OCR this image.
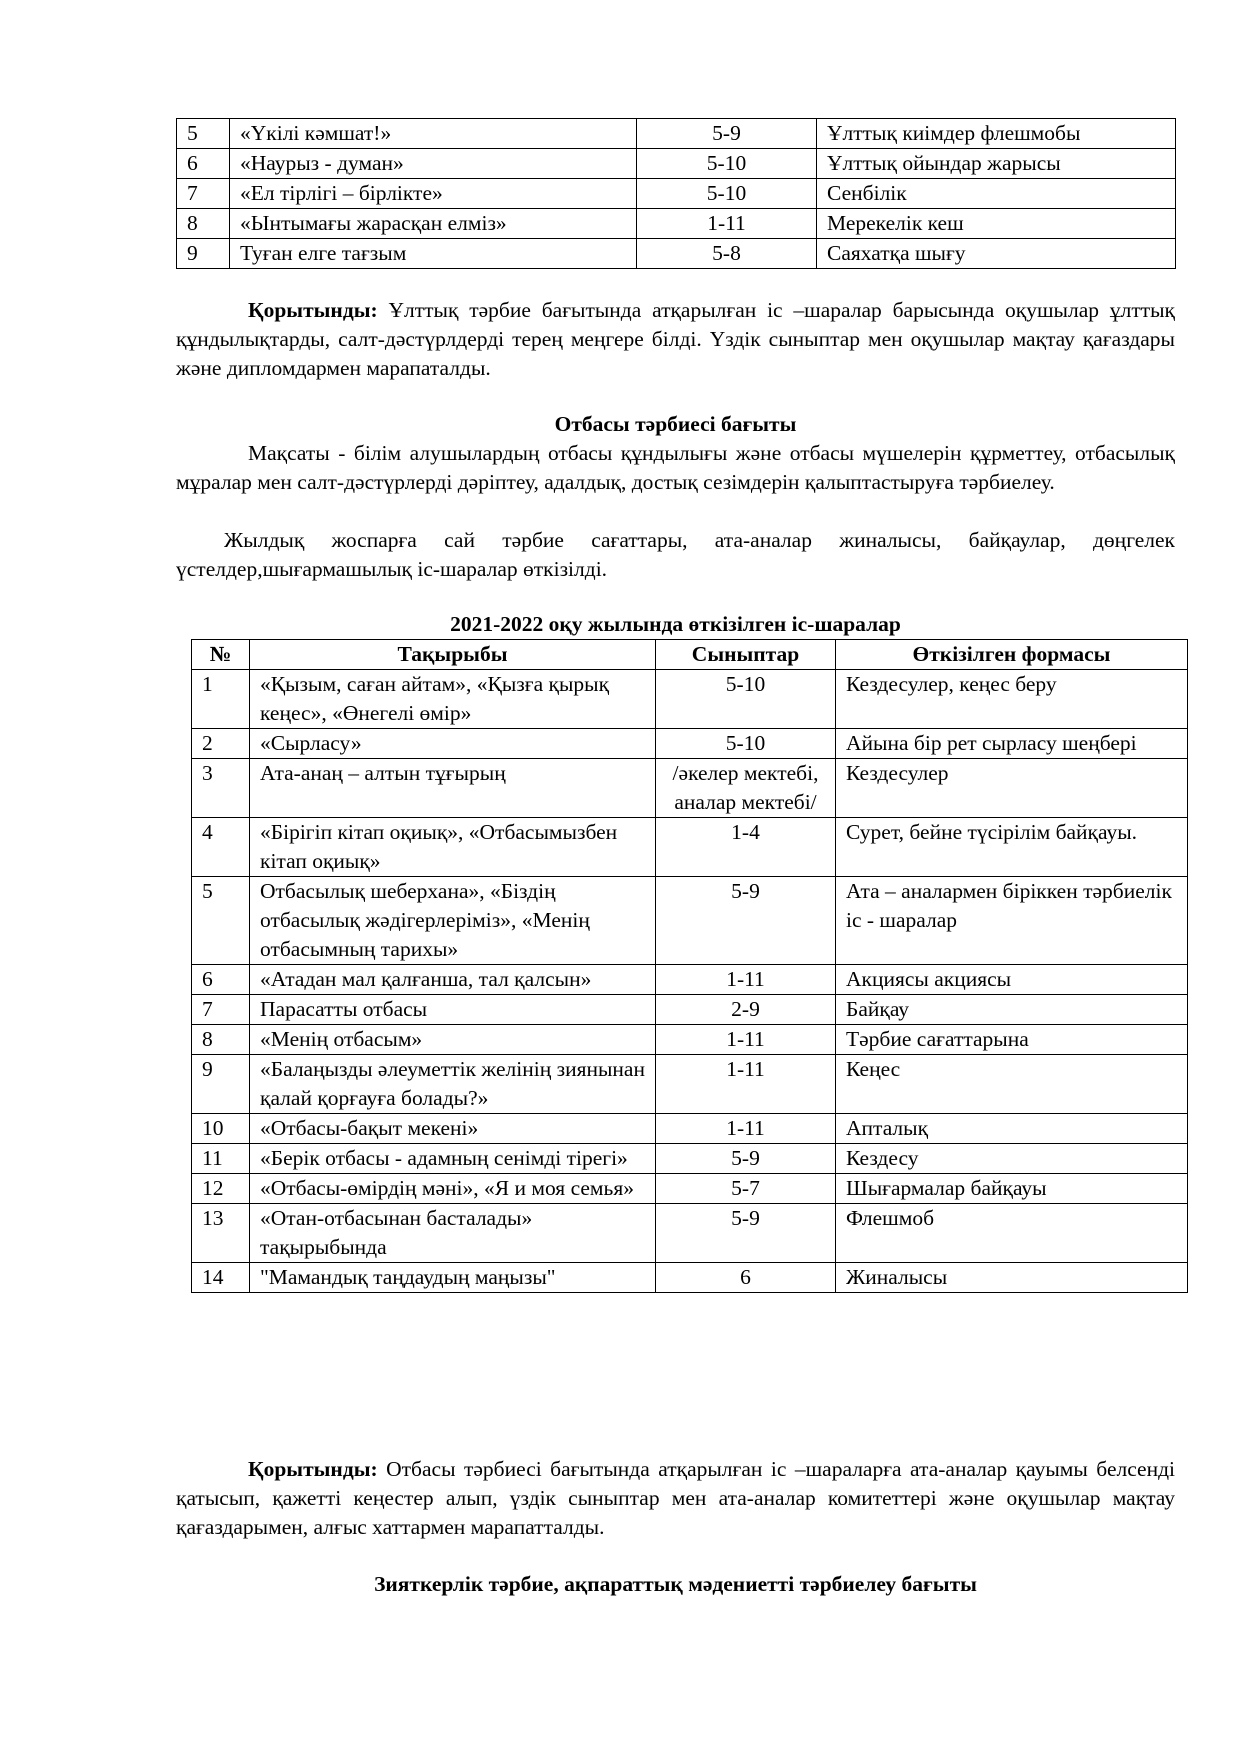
5	«Үкілі кәмшат!»	5-9	Ұлттық киімдер флешмобы
6	«Наурыз - думан»	5-10	Ұлттық ойындар жарысы
7	«Ел тірлігі – бірлікте»	5-10	Сенбілік
8	«Ынтымағы жарасқан елміз»	1-11	Мерекелік кеш
9	Туған елге тағзым	5-8	Саяхатқа шығу
Қорытынды: Ұлттық тәрбие бағытында атқарылған іс –шаралар барысында оқушылар ұлттық құндылықтарды, салт-дәстүрлдерді терең меңгере білді. Үздік сыныптар мен оқушылар мақтау қағаздары және дипломдармен марапаталды.
Отбасы тәрбиесі бағыты
Мақсаты - білім алушылардың отбасы құндылығы және отбасы мүшелерін құрметтеу, отбасылық мұралар мен салт-дәстүрлерді дәріптеу, адалдық, достық сезімдерін қалыптастыруға тәрбиелеу.
Жылдық жоспарға сай тәрбие сағаттары, ата-аналар жиналысы, байқаулар, дөңгелек үстелдер,шығармашылық іс-шаралар өткізілді.
2021-2022 оқу жылында өткізілген іс-шаралар
№	Тақырыбы	Сыныптар	Өткізілген формасы
1	«Қызым, саған айтам», «Қызға қырық кеңес», «Өнегелі өмір»	5-10	Кездесулер, кеңес беру
2	«Сырласу»	5-10	Айына бір рет сырласу шеңбері
3	Ата-анаң – алтын тұғырың	/әкелер мектебі, аналар мектебі/	Кездесулер
4	«Бірігіп кітап оқиық», «Отбасымызбен кітап оқиық»	1-4	Сурет, бейне түсірілім байқауы.
5	Отбасылық шеберхана», «Біздің отбасылық жәдігерлеріміз», «Менің отбасымның тарихы»	5-9	Ата – аналармен біріккен тәрбиелік іс - шаралар
6	«Атадан мал қалғанша, тал қалсын»	1-11	Акциясы акциясы
7	Парасатты отбасы	2-9	Байқау
8	«Менің отбасым»	1-11	Тәрбие сағаттарына
9	«Балаңызды әлеуметтік желінің зиянынан қалай қорғауға болады?»	1-11	Кеңес
10	«Отбасы-бақыт мекені»	1-11	Апталық
11	«Берік отбасы - адамның сенімді тірегі»	5-9	Кездесу
12	«Отбасы-өмірдің мәні», «Я и моя семья»	5-7	Шығармалар байқауы
13	«Отан-отбасынан басталады» тақырыбында	5-9	Флешмоб
14	"Мамандық таңдаудың маңызы"	6	Жиналысы
Қорытынды: Отбасы тәрбиесі бағытында атқарылған іс –шараларға ата-аналар қауымы белсенді қатысып, қажетті кеңестер алып, үздік сыныптар мен ата-аналар комитеттері және оқушылар мақтау қағаздарымен, алғыс хаттармен марапатталды.
Зияткерлік тәрбие, ақпараттық мәдениетті тәрбиелеу бағыты
